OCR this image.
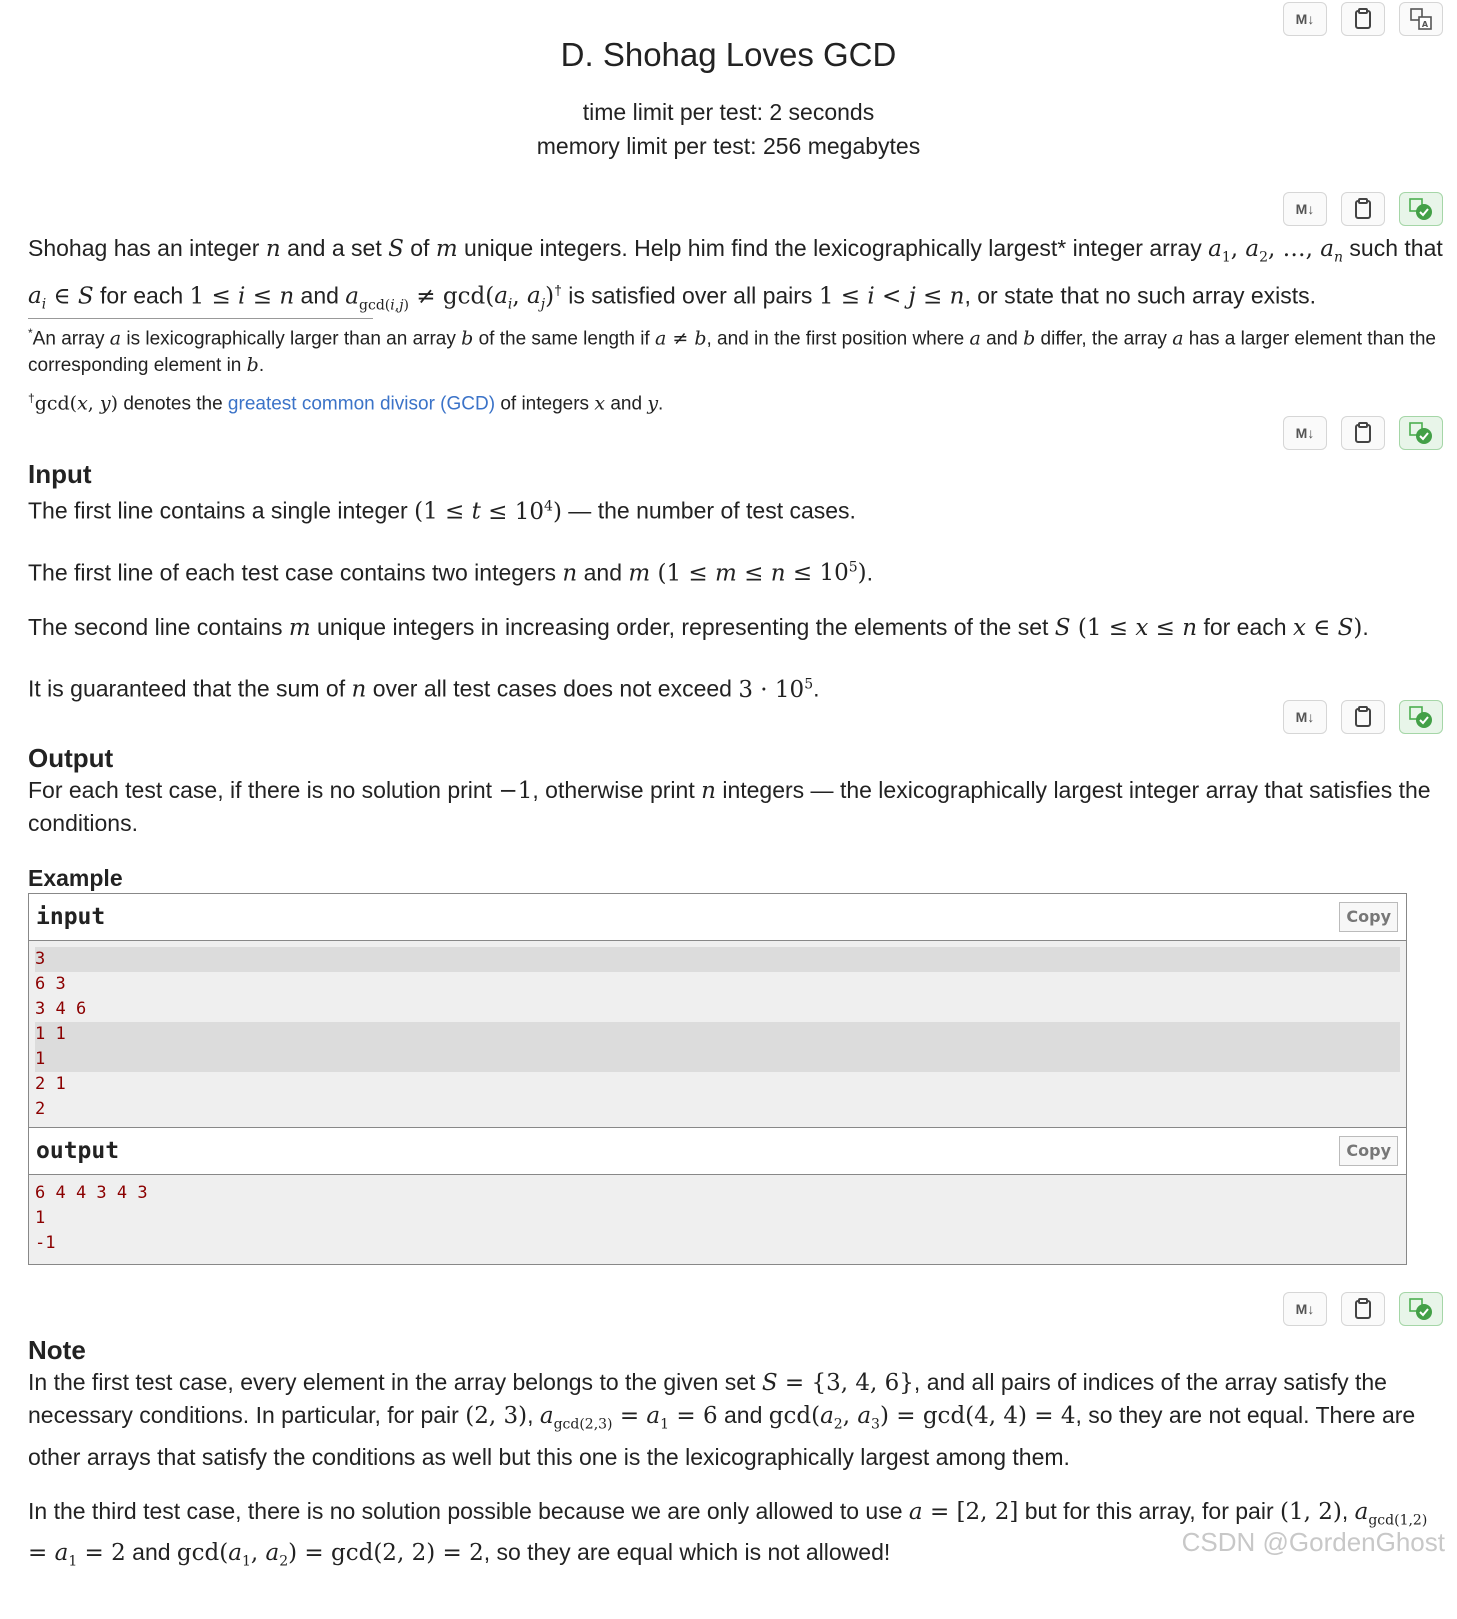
M↓	A
D. Shohag Loves GCD
time limit per test: 2 seconds
memory limit per test: 256 megabytes
M↓

Shohag has an integer n and a set S of m unique integers. Help him find the lexicographically largest* integer array $a_1$, $a_2$, …, $a_n$ such that $a_i$ ∈ S for each 1 ≤ i ≤ n and $a_{gcd(i,j)} \ne \gcd(a_i$, $a_j)^\dagger$ is satisfied over all pairs 1 ≤ i < j ≤ n, or state that no such array exists.

*An array a is lexicographically larger than an array b of the same length if a ≠ b, and in the first position where a and b differ, the array a has a larger element than the corresponding element in b.

†gcd(x, y) denotes the greatest common divisor (GCD) of integers x and y.

M↓
Input

The first line contains a single integer $(1 \le t \le 10^4)$ — the number of test cases.

The first line of each test case contains two integers n and m $(1 \le m \le n \le 10^5)$.

The second line contains m unique integers in increasing order, representing the elements of the set S (1 ≤ x ≤ n for each x ∈ S).

It is guaranteed that the sum of n over all test cases does not exceed $3 \cdot 10^5$.

M↓
Output

For each test case, if there is no solution print −1, otherwise print n integers — the lexicographically largest integer array that satisfies the conditions.

Example
input	Copy
3
6 3
3 4 6
1 1
1
2 1
2
output	Copy
6 4 4 3 4 3
1
-1
M↓
Note

In the first test case, every element in the array belongs to the given set S = {3, 4, 6}, and all pairs of indices of the array satisfy the necessary conditions. In particular, for pair (2, 3), $a_{gcd(2,3)} = a_1 = 6$ and $\gcd(a_2$, $a_3) = \gcd(4$, 4) = 4, so they are not equal. There are other arrays that satisfy the conditions as well but this one is the lexicographically largest among them.

In the third test case, there is no solution possible because we are only allowed to use a = [2, 2] but for this array, for pair (1, 2), $a_{gcd(1,2)} = a_1 = 2$ and $\gcd(a_1$, $a_2) = \gcd(2$, 2) = 2, so they are equal which is not allowed!	CSDN @GordenGhost
